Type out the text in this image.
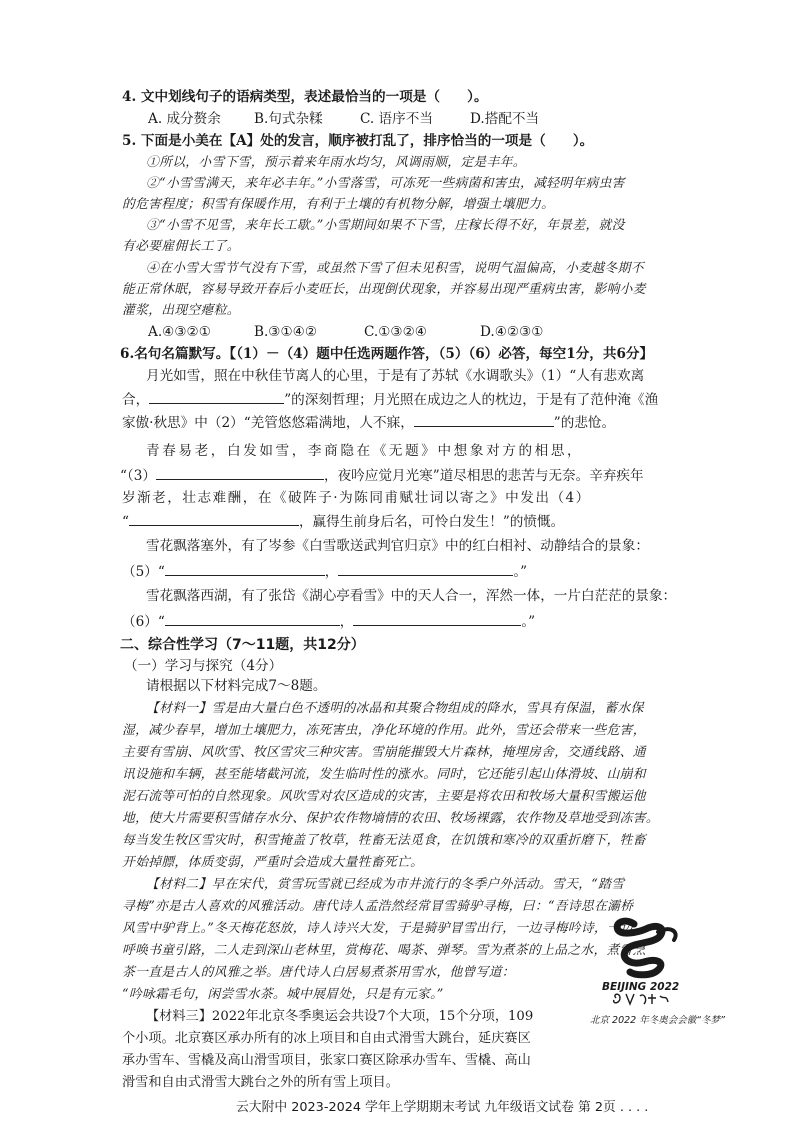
4. 文中划线句子的语病类型，表述最恰当的一项是（　　）。
A. 成分赘余 B.句式杂糅	C. 语序不当	D.搭配不当
5. 下面是小美在【A】处的发言，顺序被打乱了，排序恰当的一项是（　　）。
①所以，小雪下雪，预示着来年雨水均匀，风调雨顺，定是丰年。
②“小雪雪满天，来年必丰年。”小雪落雪，可冻死一些病菌和害虫，减轻明年病虫害
的危害程度；积雪有保暖作用，有利于土壤的有机物分解，增强土壤肥力。
③“小雪不见雪，来年长工歇。”小雪期间如果不下雪，庄稼长得不好，年景差，就没
有必要雇佣长工了。
④在小雪大雪节气没有下雪，或虽然下雪了但未见积雪，说明气温偏高，小麦越冬期不
能正常休眠，容易导致开春后小麦旺长，出现倒伏现象，并容易出现严重病虫害，影响小麦
灌浆，出现空瘪粒。
A.④③②①	B.③①④②	C.①③②④	D.④②③①
6.名句名篇默写。【（1）－（4）题中任选两题作答，（5）（6）必答，每空1分，共6分】
月光如雪，照在中秋佳节离人的心里，于是有了苏轼《水调歌头》（1）“人有悲欢离
合，	”的深刻哲理；月光照在成边之人的枕边，于是有了范仲淹《渔
家傲·秋思》中（2）“羌管悠悠霜满地，人不寐，	”的悲怆。
青春易老，白发如雪，李商隐在《无题》中想象对方的相思，
“（3）	，夜吟应觉月光寒”道尽相思的悲苦与无奈。辛弃疾年
岁渐老，壮志难酬，在《破阵子·为陈同甫赋壮词以寄之》中发出（4）
“	，赢得生前身后名，可怜白发生！”的愤慨。
雪花飘落塞外，有了岑参《白雪歌送武判官归京》中的红白相衬、动静结合的景象：
（5）“	，	。”
雪花飘落西湖，有了张岱《湖心亭看雪》中的天人合一，浑然一体，一片白茫茫的景象：
（6）“	，	。”
二、综合性学习（7～11题，共12分）
（一）学习与探究（4分）
请根据以下材料完成7～8题。
【材料一】雪是由大量白色不透明的冰晶和其聚合物组成的降水，雪具有保温，蓄水保
湿，减少春旱，增加土壤肥力，冻死害虫，净化环境的作用。此外，雪还会带来一些危害，
主要有雪崩、风吹雪、牧区雪灾三种灾害。雪崩能摧毁大片森林，掩埋房舍，交通线路、通
讯设施和车辆，甚至能堵截河流，发生临时性的涨水。同时，它还能引起山体滑坡、山崩和
泥石流等可怕的自然现象。风吹雪对农区造成的灾害，主要是将农田和牧场大量积雪搬运他
地，使大片需要积雪储存水分、保护农作物墒情的农田、牧场裸露，农作物及草地受到冻害。
每当发生牧区雪灾时，积雪掩盖了牧草，牲畜无法觅食，在饥饿和寒冷的双重折磨下，牲畜
开始掉膘，体质变弱，严重时会造成大量牲畜死亡。
【材料二】早在宋代，赏雪玩雪就已经成为市井流行的冬季户外活动。雪天，“踏雪
寻梅”亦是古人喜欢的风雅活动。唐代诗人孟浩然经常冒雪骑驴寻梅，曰：“吾诗思在灞桥
风雪中驴背上。”冬天梅花怒放，诗人诗兴大发，于是骑驴冒雪出行，一边寻梅吟诗，一边
呼唤书童引路，二人走到深山老林里，赏梅花、喝茶、弹琴。雪为煮茶的上品之水，煮雪烹
茶一直是古人的风雅之举。唐代诗人白居易煮茶用雪水，他曾写道：
“吟咏霜毛句，闲尝雪水茶。城中展眉处，只是有元家。”
【材料三】2022年北京冬季奥运会共设7个大项，15个分项，109
个小项。北京赛区承办所有的冰上项目和自由式滑雪大跳台，延庆赛区
承办雪车、雪橇及高山滑雪项目，张家口赛区除承办雪车、雪橇、高山
滑雪和自由式滑雪大跳台之外的所有雪上项目。
BEIJING 2022
北京 2022 年冬奥会会徽“冬梦”
云大附中 2023-2024 学年上学期期末考试 九年级语文试卷 第 2页 . . . .
